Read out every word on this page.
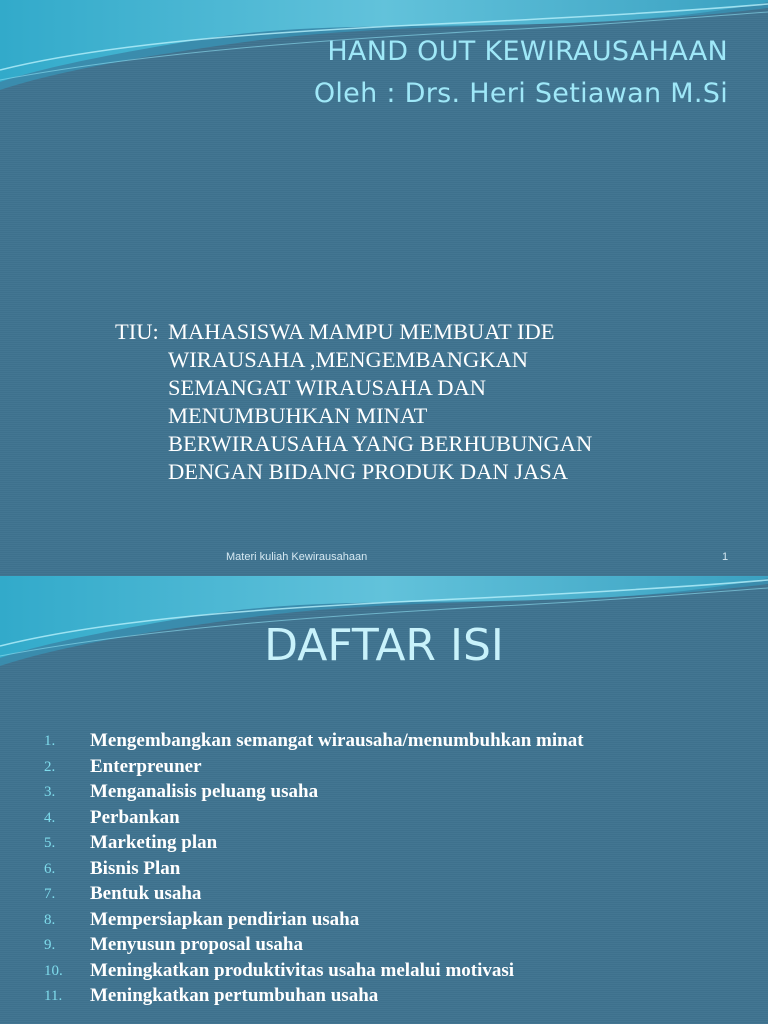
HAND OUT KEWIRAUSAHAAN
Oleh : Drs. Heri Setiawan M.Si
TIU: MAHASISWA MAMPU MEMBUAT IDE
WIRAUSAHA ,MENGEMBANGKAN
SEMANGAT WIRAUSAHA DAN
MENUMBUHKAN MINAT
BERWIRAUSAHA YANG BERHUBUNGAN
DENGAN BIDANG PRODUK DAN JASA
Materi kuliah Kewirausahaan	1
DAFTAR ISI
1.	Mengembangkan semangat wirausaha/menumbuhkan minat
2.	Enterpreuner
3.	Menganalisis peluang usaha
4.	Perbankan
5.	Marketing plan
6.	Bisnis Plan
7.	Bentuk usaha
8.	Mempersiapkan pendirian usaha
9.	Menyusun proposal usaha
10.	Meningkatkan produktivitas usaha melalui motivasi
11.	Meningkatkan pertumbuhan usaha
